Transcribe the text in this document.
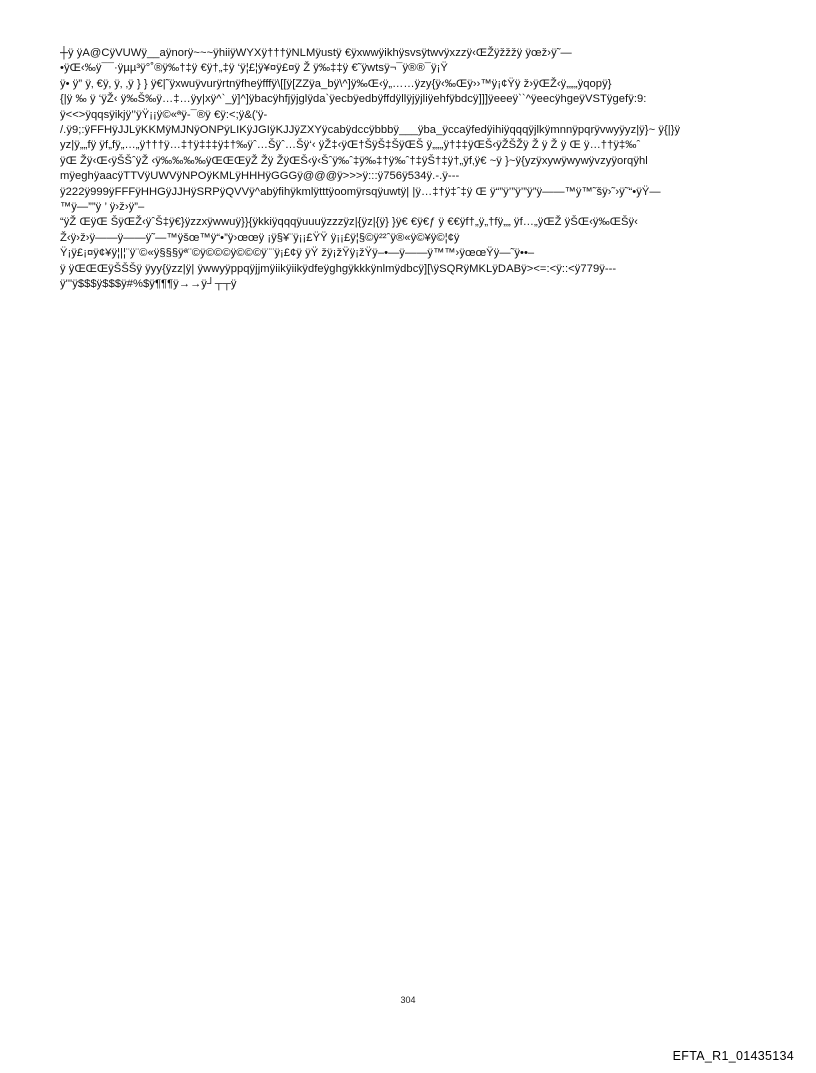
┼ÿ ÿA@CÿVUWÿ__aÿnorÿ~~~ÿhiiÿWYXÿ†††ÿNLMÿustÿ €ÿxwwÿikhÿsvsÿtwvÿxzzÿ‹ŒŽÿžžžÿ ÿœž›ÿ˜—
•ÿŒ‹‰ÿ¯¯·ÿµµ³ÿ°˚®ÿ‰†‡ÿ €ÿ†„‡ÿ ‘ÿ¦£¦ÿ¥¤ÿ£¤ÿ Ž ÿ‰‡‡ÿ €˜ÿwtsÿ¬¯ÿ®®¯ÿ¡Ÿ
ÿ• ÿ” ÿ‚ €ÿ‚ ÿ‚ ‚ÿ } } ÿ€|˜ÿxwuÿvurÿrtnÿfheÿfffÿ\[[ÿ[ZZÿa_bÿ\^]ÿ‰Œ‹ÿ„……ÿzy{ÿ‹‰Œÿ››™ÿ¡¢Ÿÿ ž›ÿŒŽ‹ÿ„„„ÿqopÿ}
{|ÿ ‰ ÿ ‘ÿŽ‹ ÿ‰Š‰ÿ…‡…ÿy|xÿ^`_ÿ]^]ÿbacÿhfjÿjglÿda`ÿecbÿedbÿffdÿllÿjÿjliÿehfÿbdcÿ]]]ÿeeeÿ``^ÿeecÿhgeÿVSTÿgefÿ:9:
ÿ<<>ÿqqsÿikjÿ’’ÿŸ¡¡ÿ©«ªÿ-¯®ÿ €ÿ:<;ÿ&('ÿ-
/.ÿ9;:ÿFFHÿJJLÿKKMÿMJNÿONPÿLIKÿJGIÿKJJÿZXYÿcabÿdccÿbbbÿ___ÿba_ÿccaÿfedÿihiÿqqqÿjlkÿmnnÿpqrÿvwyÿyz|ÿ}~ ÿ{|}ÿ
yz|ÿ„„fÿ ÿf„fÿ„…„ÿ†††ÿ…‡†ÿ‡‡‡ÿ‡†‰ÿˆ…Šÿˆ…Šÿ‘‹ ÿŽ‡‹ÿŒ†ŠÿŠ‡ŠÿŒŠ ÿ„„„ÿ†‡‡ÿŒŠ‹ÿŽŠŽÿ Ž ÿ Ž ÿ Œ ÿ…††ÿ‡‰ˆ
ÿŒ Žÿ‹Œ‹ÿŠŠˆÿŽ ‹ÿ‰‰‰‰ÿŒŒŒÿŽ Žÿ ŽÿŒŠ‹ÿ‹Šˆÿ‰ˆ‡ÿ‰‡†ÿ‰ˆ†‡ÿŠ†‡ÿ†„ÿf‚ÿ€ ~ÿ }~ÿ{yzÿxywÿwywÿvzyÿorqÿhl
mÿeghÿaacÿTTVÿUWVÿNPOÿKMLÿHHHÿGGGÿ@@@ÿ>>>ÿ:::ÿ756ÿ534ÿ.-.ÿ---
ÿ222ÿ999ÿFFFÿHHGÿJJHÿSRPÿQVVÿ^abÿfihÿkmlÿtttÿoomÿrsqÿuwtÿ| |ÿ…‡†ÿ‡ˆ‡ÿ Œ ÿ“”ÿ’”ÿ’”ÿ”ÿ——™ÿ™˜šÿ›˜›ÿ˜“•ÿŸ—
™ÿ—””ÿ ’ ÿ›ž›ÿ”–
“ÿŽ ŒÿŒ ŠÿŒŽ‹ÿˆŠ‡ÿ€}ÿzzxÿwwuÿ}}{ÿkkiÿqqqÿuuuÿzzzÿz|{ÿz|{ÿ} }ÿ€ €ÿ€ƒ ÿ €€ÿf†„ÿ„†fÿ„„ ÿf…„ÿŒŽ ÿŠŒ‹ÿ‰ŒŠÿ‹
Ž‹ÿ›ž›ÿ——ÿ——ÿ˜—™ÿšœ™ÿ“•”ÿ›œœÿ ¡ÿ§¥¨ÿ¡¡£ŸŸ ÿ¡¡£ÿ¦§©ÿ²²ˆÿ®«ÿ©¥ÿ©¦¢ÿ
Ÿ¡ÿ£¡¤ÿ¢¥ÿ¦|¦¨ÿ¨©«ÿ§§§ÿª¨©ÿ©©©ÿ©©©ÿ¨¨ÿ¡£¢ÿ ÿŸ žÿ¡žŸÿ¡žŸÿ–•—ÿ——ÿ™™›ÿœœŸÿ—˜ÿ••–
ÿ ÿŒŒŒÿŠŠŠÿ ÿyy{ÿzz|ÿ| ÿwwyÿppqÿjjmÿiikÿiikÿdfeÿghgÿkkkÿnlmÿdbcÿ][\ÿSQRÿMKLÿDABÿ><=:<ÿ::<ÿ779ÿ---
ÿ'''ÿ$$$ÿ$$$ÿ#%$ÿ¶¶¶ÿ→→ÿ┘┬┬ÿ
304
EFTA_R1_01435134
